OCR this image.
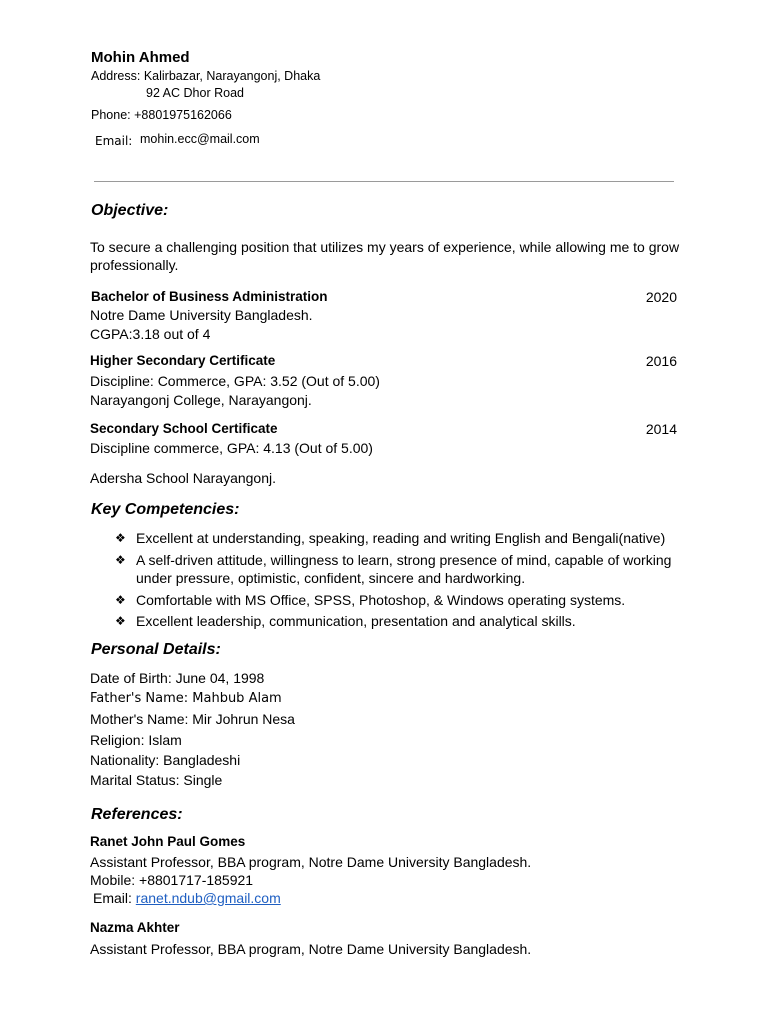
Mohin Ahmed
Address: Kalirbazar, Narayangonj, Dhaka
92 AC Dhor Road
Phone: +8801975162066
Email: mohin.ecc@mail.com
Objective:
To secure a challenging position that utilizes my years of experience, while allowing me to grow professionally.
Bachelor of Business Administration	2020
Notre Dame University Bangladesh.
CGPA:3.18 out of 4
Higher Secondary Certificate	2016
Discipline: Commerce, GPA: 3.52 (Out of 5.00)
Narayangonj College, Narayangonj.
Secondary School Certificate	2014
Discipline commerce, GPA: 4.13 (Out of 5.00)
Adersha School Narayangonj.
Key Competencies:
❖ Excellent at understanding, speaking, reading and writing English and Bengali(native)
❖ A self-driven attitude, willingness to learn, strong presence of mind, capable of working under pressure, optimistic, confident, sincere and hardworking.
❖ Comfortable with MS Office, SPSS, Photoshop, & Windows operating systems.
❖ Excellent leadership, communication, presentation and analytical skills.
Personal Details:
Date of Birth: June 04, 1998
Father's Name: Mahbub Alam
Mother's Name: Mir Johrun Nesa
Religion: Islam
Nationality: Bangladeshi
Marital Status: Single
References:
Ranet John Paul Gomes
Assistant Professor, BBA program, Notre Dame University Bangladesh.
Mobile: +8801717-185921
Email: ranet.ndub@gmail.com
Nazma Akhter
Assistant Professor, BBA program, Notre Dame University Bangladesh.
